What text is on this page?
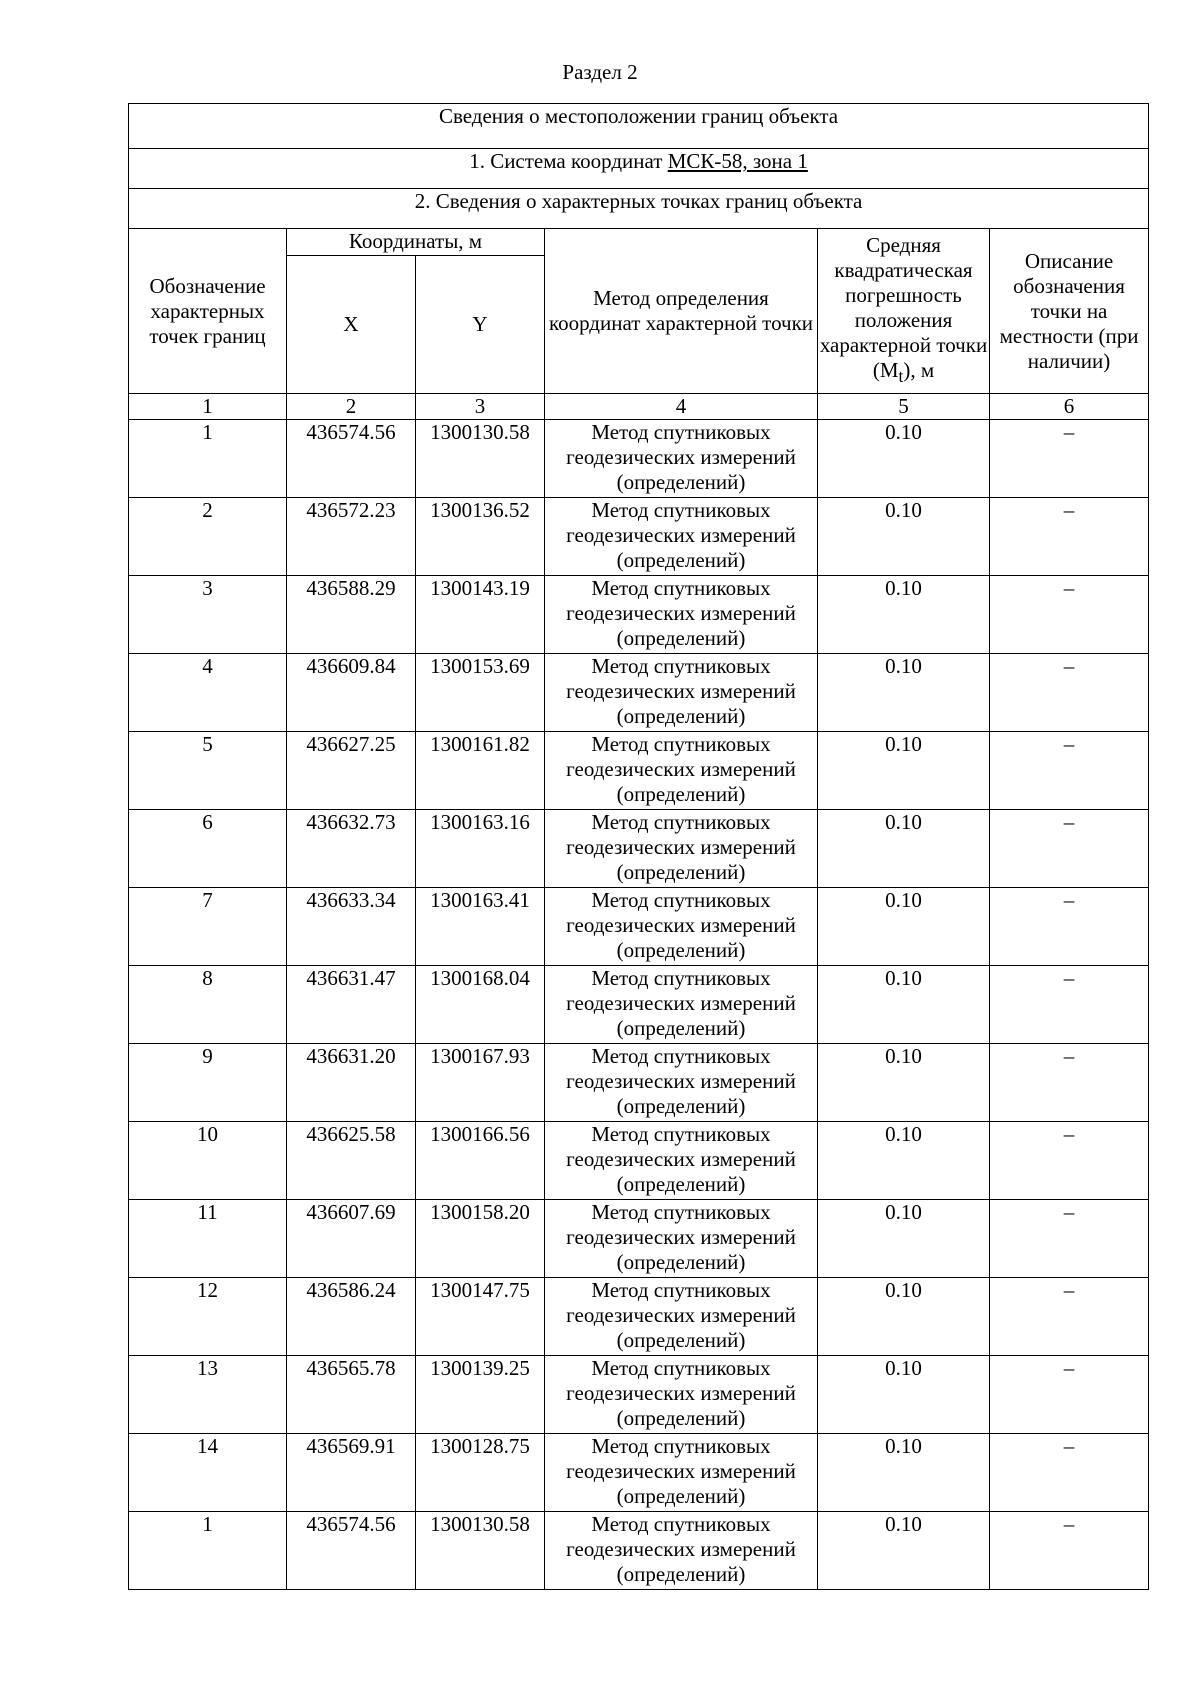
Раздел 2
Сведения о местоположении границ объекта					
1. Система координат МСК-58, зона 1					
2. Сведения о характерных точках границ объекта					
Обозначение характерных точек границ	Координаты, м		Метод определения координат характерной точки	Средняя квадратическая погрешность положения характерной точки $(M_t)$, м	Описание обозначения точки на местности (при наличии)
	X	Y			
1	2	3	4	5	6
1	436574.56	1300130.58	Метод спутниковых геодезических измерений (определений)	0.10	–
2	436572.23	1300136.52	Метод спутниковых геодезических измерений (определений)	0.10	–
3	436588.29	1300143.19	Метод спутниковых геодезических измерений (определений)	0.10	–
4	436609.84	1300153.69	Метод спутниковых геодезических измерений (определений)	0.10	–
5	436627.25	1300161.82	Метод спутниковых геодезических измерений (определений)	0.10	–
6	436632.73	1300163.16	Метод спутниковых геодезических измерений (определений)	0.10	–
7	436633.34	1300163.41	Метод спутниковых геодезических измерений (определений)	0.10	–
8	436631.47	1300168.04	Метод спутниковых геодезических измерений (определений)	0.10	–
9	436631.20	1300167.93	Метод спутниковых геодезических измерений (определений)	0.10	–
10	436625.58	1300166.56	Метод спутниковых геодезических измерений (определений)	0.10	–
11	436607.69	1300158.20	Метод спутниковых геодезических измерений (определений)	0.10	–
12	436586.24	1300147.75	Метод спутниковых геодезических измерений (определений)	0.10	–
13	436565.78	1300139.25	Метод спутниковых геодезических измерений (определений)	0.10	–
14	436569.91	1300128.75	Метод спутниковых геодезических измерений (определений)	0.10	–
1	436574.56	1300130.58	Метод спутниковых геодезических измерений (определений)	0.10	–
